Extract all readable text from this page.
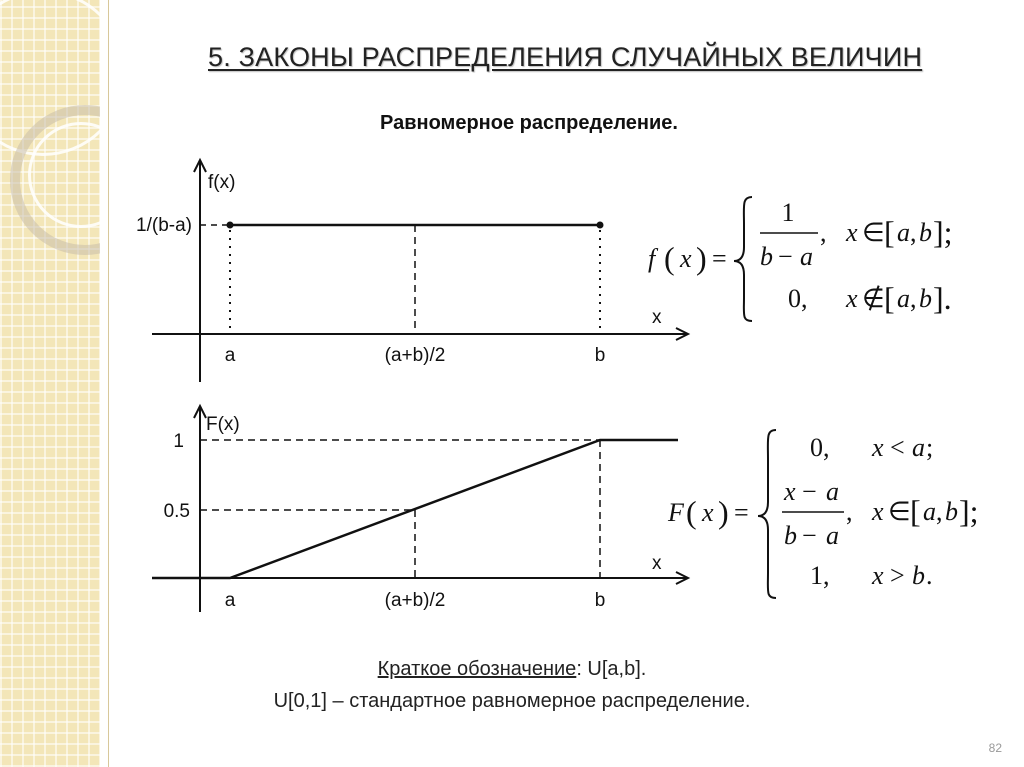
5. ЗАКОНЫ РАСПРЕДЕЛЕНИЯ СЛУЧАЙНЫХ ВЕЛИЧИН
Равномерное распределение.
f(x)
1/(b-a)
x
a	(a+b)/2	b
F(x)
1
0.5
x
a	(a+b)/2	b
f ( x ) =
1
b − a
, x ∈ [ a , b ];
0, x ∉ [ a , b ].
F ( x ) =
0, x < a ;
x − a
b − a
, x ∈ [ a , b ];
1, x > b .
Краткое обозначение: U[a,b].
U[0,1] – стандартное равномерное распределение.
82
